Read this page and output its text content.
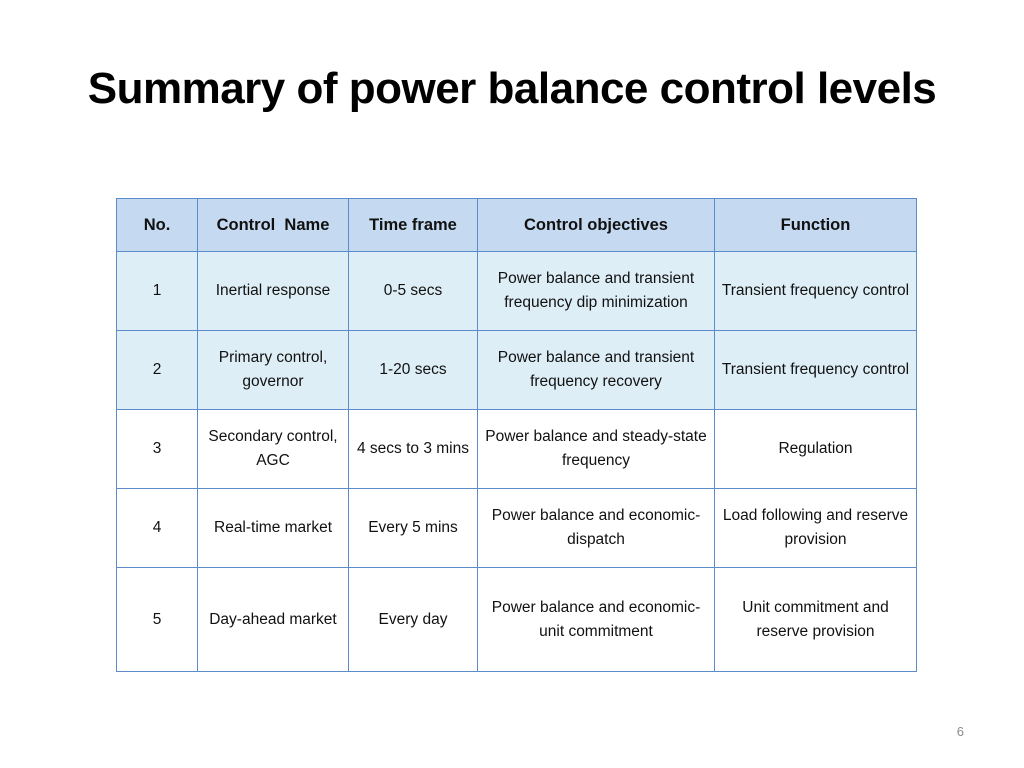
Summary of power balance control levels
No.	Control  Name	Time frame	Control objectives	Function
1	Inertial response	0-5 secs	Power balance and transient frequency dip minimization	Transient frequency control
2	Primary control, governor	1-20 secs	Power balance and transient frequency recovery	Transient frequency control
3	Secondary control, AGC	4 secs to 3 mins	Power balance and steady-state frequency	Regulation
4	Real-time market	Every 5 mins	Power balance and economic-dispatch	Load following and reserve provision
5	Day-ahead market	Every day	Power balance and economic-unit commitment	Unit commitment and reserve provision
6
